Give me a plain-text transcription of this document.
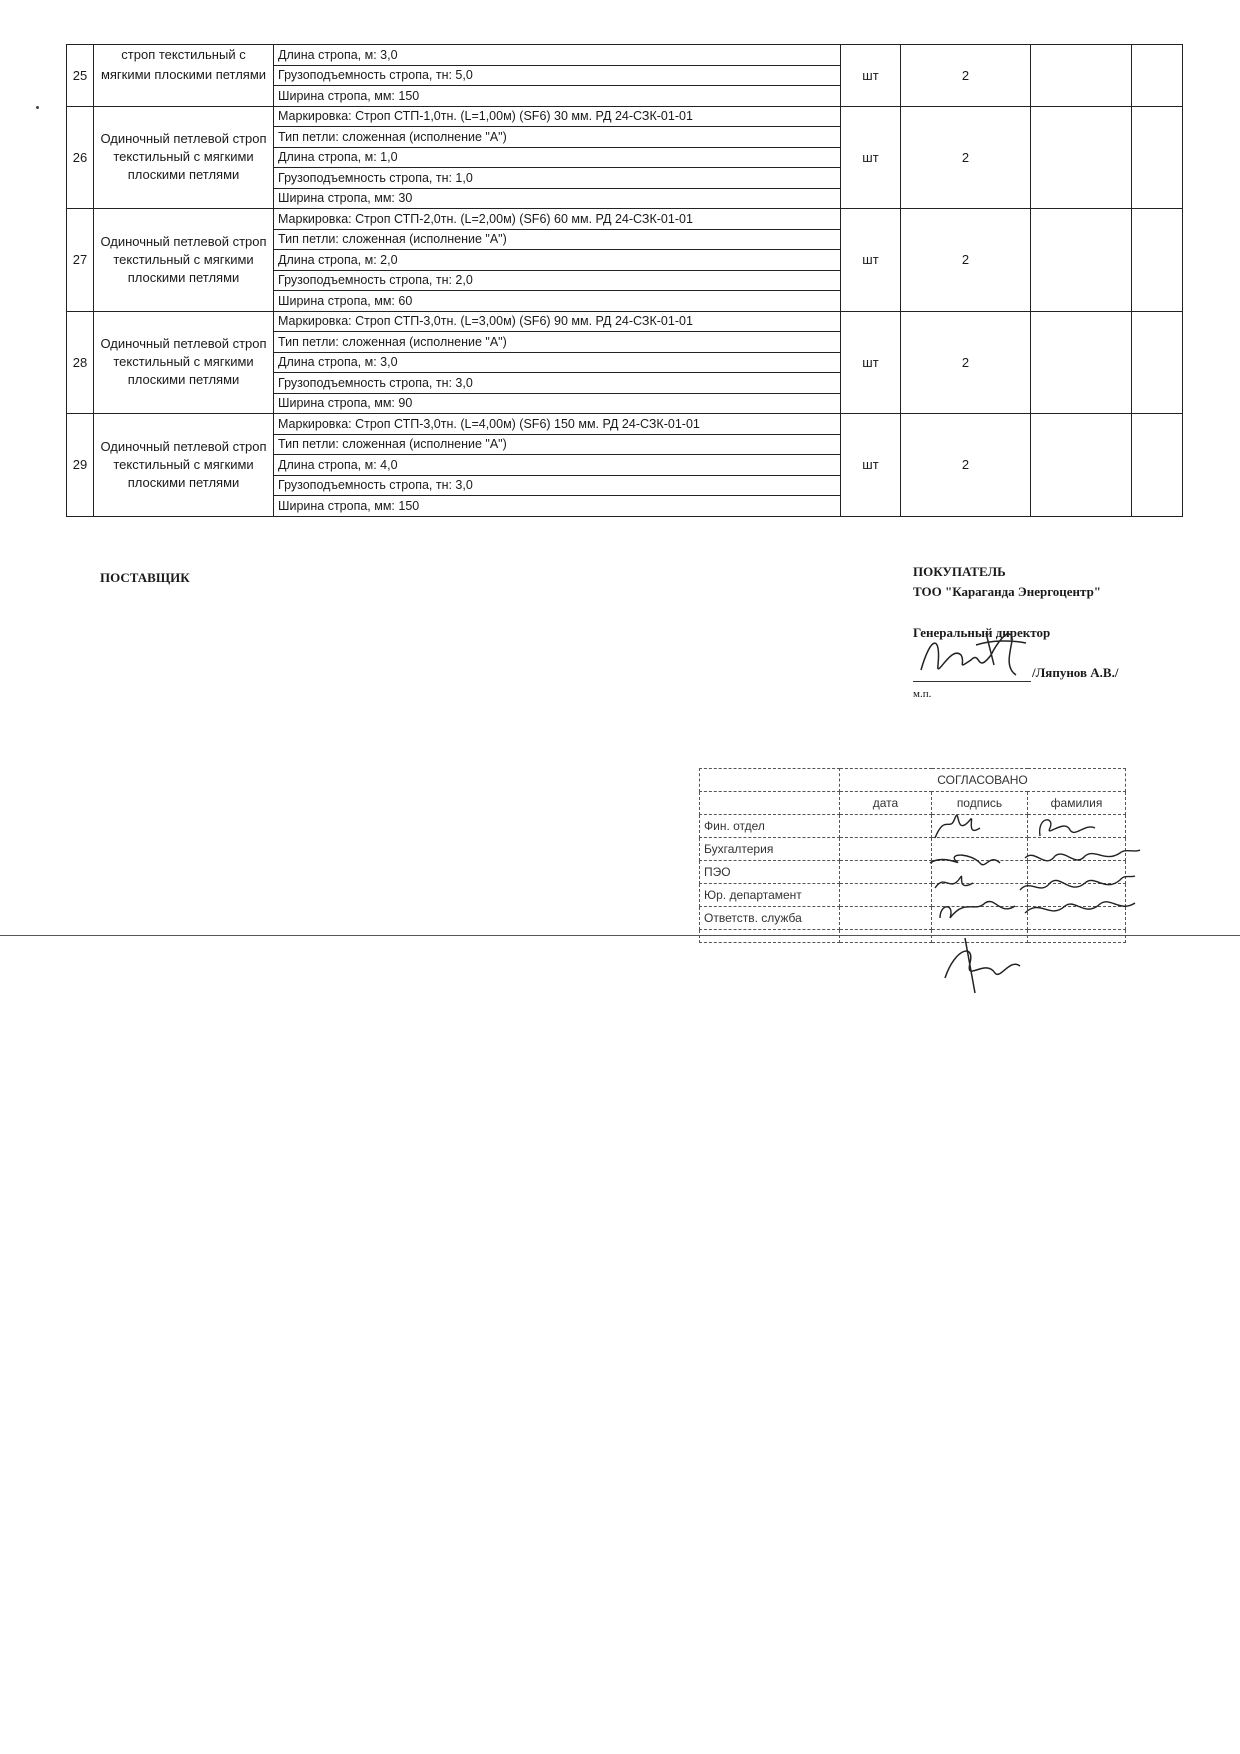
25	строп текстильный с мягкими плоскими петлями	Длина стропа, м: 3,0	шт	2			
		Грузоподъемность стропа, тн: 5,0					
		Ширина стропа, мм: 150					
26	Одиночный петлевой строп текстильный с мягкими плоскими петлями	Маркировка: Строп СТП-1,0тн. (L=1,00м) (SF6) 30 мм. РД 24-СЗК-01-01	шт	2			
		Тип петли: сложенная (исполнение "А")					
		Длина стропа, м: 1,0					
		Грузоподъемность стропа, тн: 1,0					
		Ширина стропа, мм: 30					
27	Одиночный петлевой строп текстильный с мягкими плоскими петлями	Маркировка: Строп СТП-2,0тн. (L=2,00м) (SF6) 60 мм. РД 24-СЗК-01-01	шт	2			
		Тип петли: сложенная (исполнение "А")					
		Длина стропа, м: 2,0					
		Грузоподъемность стропа, тн: 2,0					
		Ширина стропа, мм: 60					
28	Одиночный петлевой строп текстильный с мягкими плоскими петлями	Маркировка: Строп СТП-3,0тн. (L=3,00м) (SF6) 90 мм. РД 24-СЗК-01-01	шт	2			
		Тип петли: сложенная (исполнение "А")					
		Длина стропа, м: 3,0					
		Грузоподъемность стропа, тн: 3,0					
		Ширина стропа, мм: 90					
29	Одиночный петлевой строп текстильный с мягкими плоскими петлями	Маркировка: Строп СТП-3,0тн. (L=4,00м) (SF6) 150 мм. РД 24-СЗК-01-01	шт	2			
		Тип петли: сложенная (исполнение "А")					
		Длина стропа, м: 4,0					
		Грузоподъемность стропа, тн: 3,0					
		Ширина стропа, мм: 150					
ПОСТАВЩИК	ПОКУПАТЕЛЬ
ТОО "Караганда Энергоцентр"
Генеральный директор
/Ляпунов А.В./
м.п.
	СОГЛАСОВАНО		
	дата	подпись	фамилия
Фин. отдел			
Бухгалтерия			
ПЭО			
Юр. департамент			
Ответств. служба			
